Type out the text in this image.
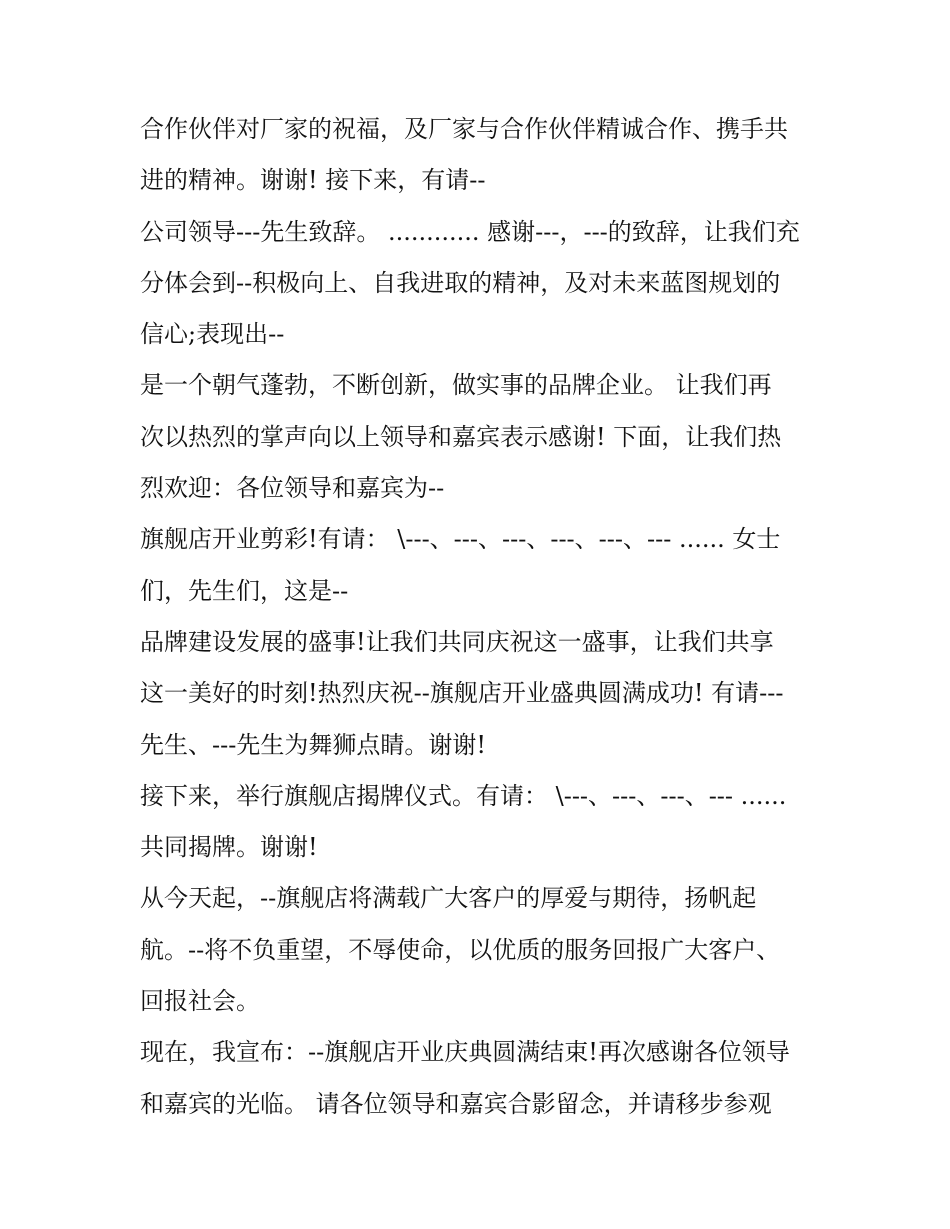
合作伙伴对厂家的祝福，及厂家与合作伙伴精诚合作、携手共
进的精神。谢谢! 接下来，有请--
公司领导---先生致辞。 ............ 感谢---，---的致辞，让我们充
分体会到--积极向上、自我进取的精神，及对未来蓝图规划的
信心;表现出--
是一个朝气蓬勃，不断创新，做实事的品牌企业。 让我们再
次以热烈的掌声向以上领导和嘉宾表示感谢! 下面，让我们热
烈欢迎：各位领导和嘉宾为--
旗舰店开业剪彩!有请： \---、---、---、---、---、--- ...... 女士
们，先生们，这是--
品牌建设发展的盛事!让我们共同庆祝这一盛事，让我们共享
这一美好的时刻!热烈庆祝--旗舰店开业盛典圆满成功! 有请---
先生、---先生为舞狮点睛。谢谢!
接下来，举行旗舰店揭牌仪式。有请： \---、---、---、--- ......
共同揭牌。谢谢!
从今天起，--旗舰店将满载广大客户的厚爱与期待，扬帆起
航。--将不负重望，不辱使命，以优质的服务回报广大客户、
回报社会。
现在，我宣布：--旗舰店开业庆典圆满结束!再次感谢各位领导
和嘉宾的光临。 请各位领导和嘉宾合影留念，并请移步参观
